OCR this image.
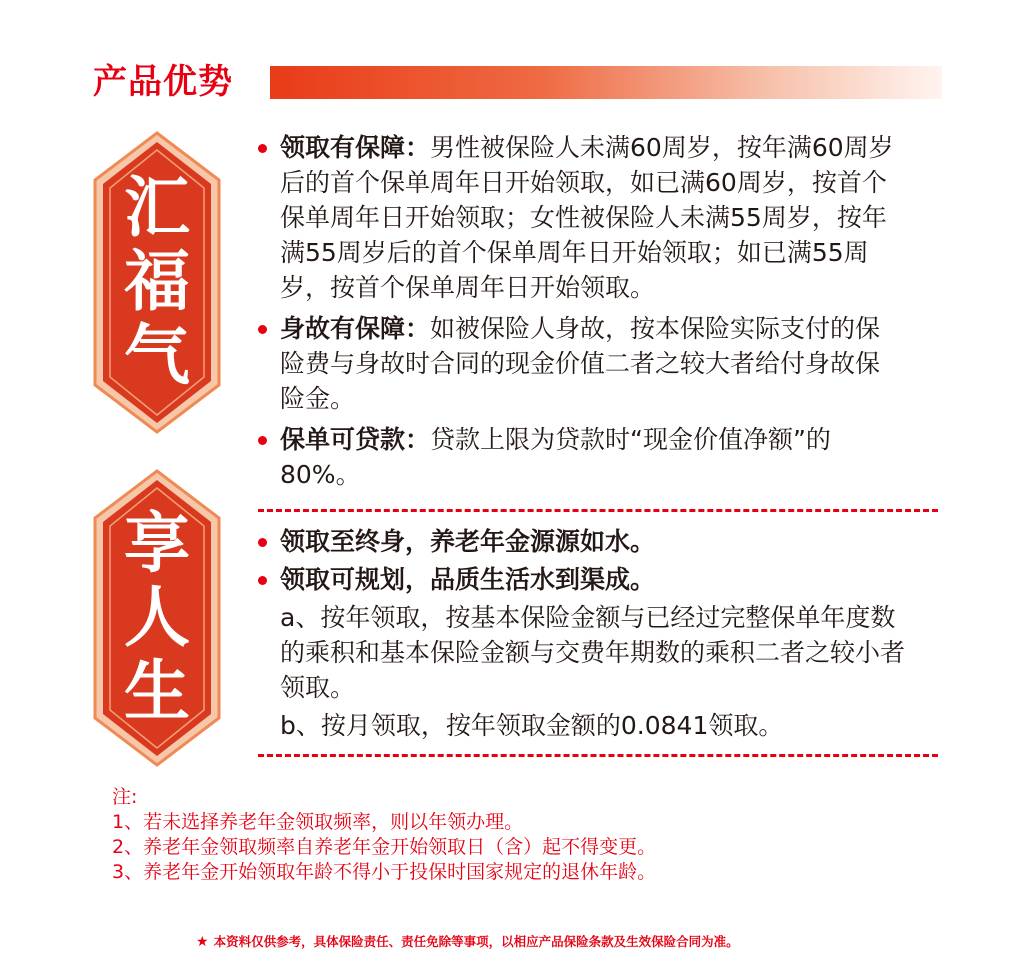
产品优势
汇
福
气
享
人
生
领取有保障：男性被保险人未满60周岁，按年满60周岁
后的首个保单周年日开始领取，如已满60周岁，按首个
保单周年日开始领取；女性被保险人未满55周岁，按年
满55周岁后的首个保单周年日开始领取；如已满55周
岁，按首个保单周年日开始领取。
身故有保障：如被保险人身故，按本保险实际支付的保
险费与身故时合同的现金价值二者之较大者给付身故保
险金。
保单可贷款：贷款上限为贷款时“现金价值净额”的
80%。
领取至终身，养老年金源源如水。
领取可规划，品质生活水到渠成。
a、按年领取，按基本保险金额与已经过完整保单年度数
的乘积和基本保险金额与交费年期数的乘积二者之较小者
领取。
b、按月领取，按年领取金额的0.0841领取。

注:

1、若未选择养老年金领取频率，则以年领办理。

2、养老年金领取频率自养老年金开始领取日（含）起不得变更。

3、养老年金开始领取年龄不得小于投保时国家规定的退休年龄。

★ 本资料仅供参考，具体保险责任、责任免除等事项，以相应产品保险条款及生效保险合同为准。
